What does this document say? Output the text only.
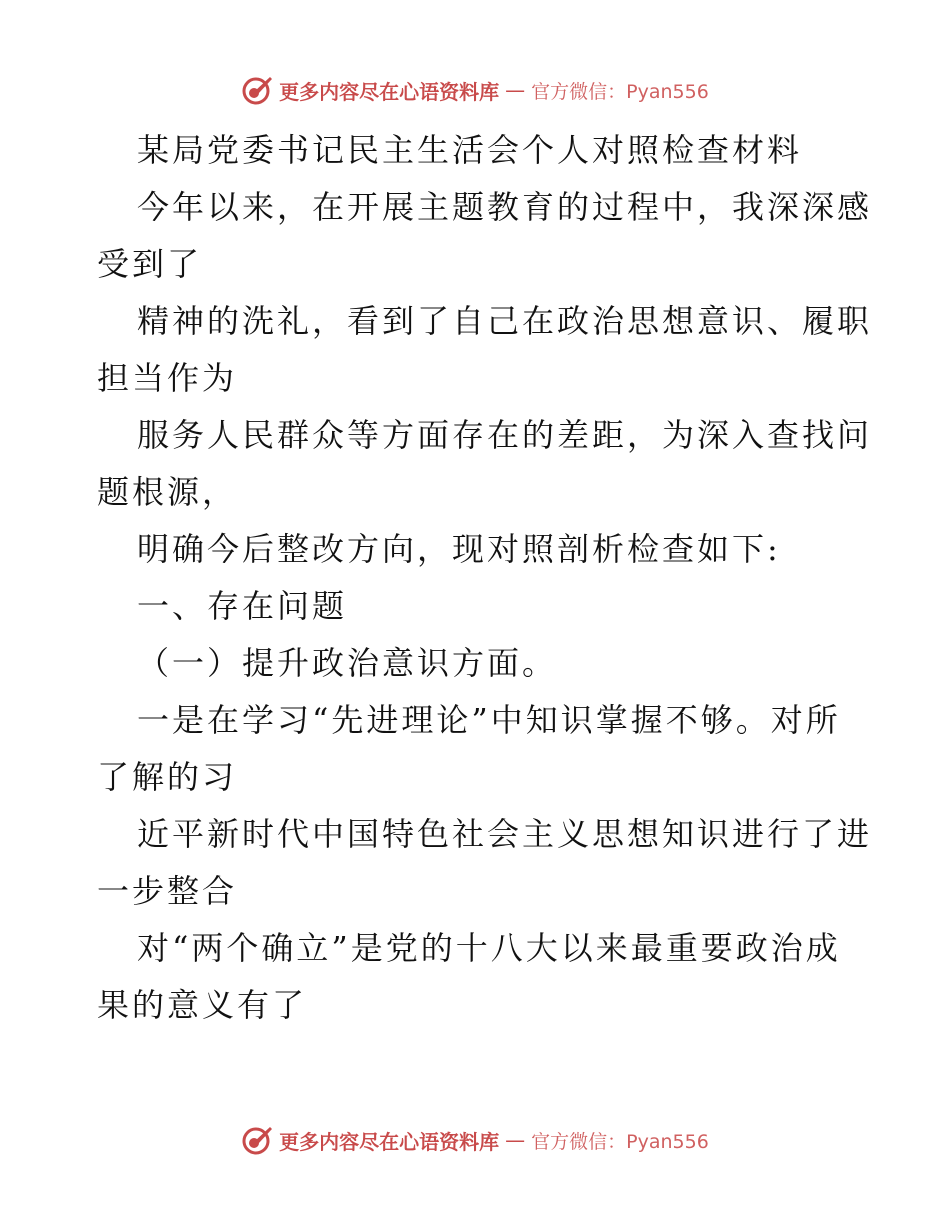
更多内容尽在心语资料库 — 官方微信：Pyan556
某局党委书记民主生活会个人对照检查材料
今年以来，在开展主题教育的过程中，我深深感
受到了
精神的洗礼，看到了自己在政治思想意识、履职
担当作为
服务人民群众等方面存在的差距，为深入查找问
题根源，
明确今后整改方向，现对照剖析检查如下:
一、存在问题
（一）提升政治意识方面。
一是在学习“先进理论”中知识掌握不够。对所
了解的习
近平新时代中国特色社会主义思想知识进行了进
一步整合
对“两个确立”是党的十八大以来最重要政治成
果的意义有了
更多内容尽在心语资料库 — 官方微信：Pyan556
